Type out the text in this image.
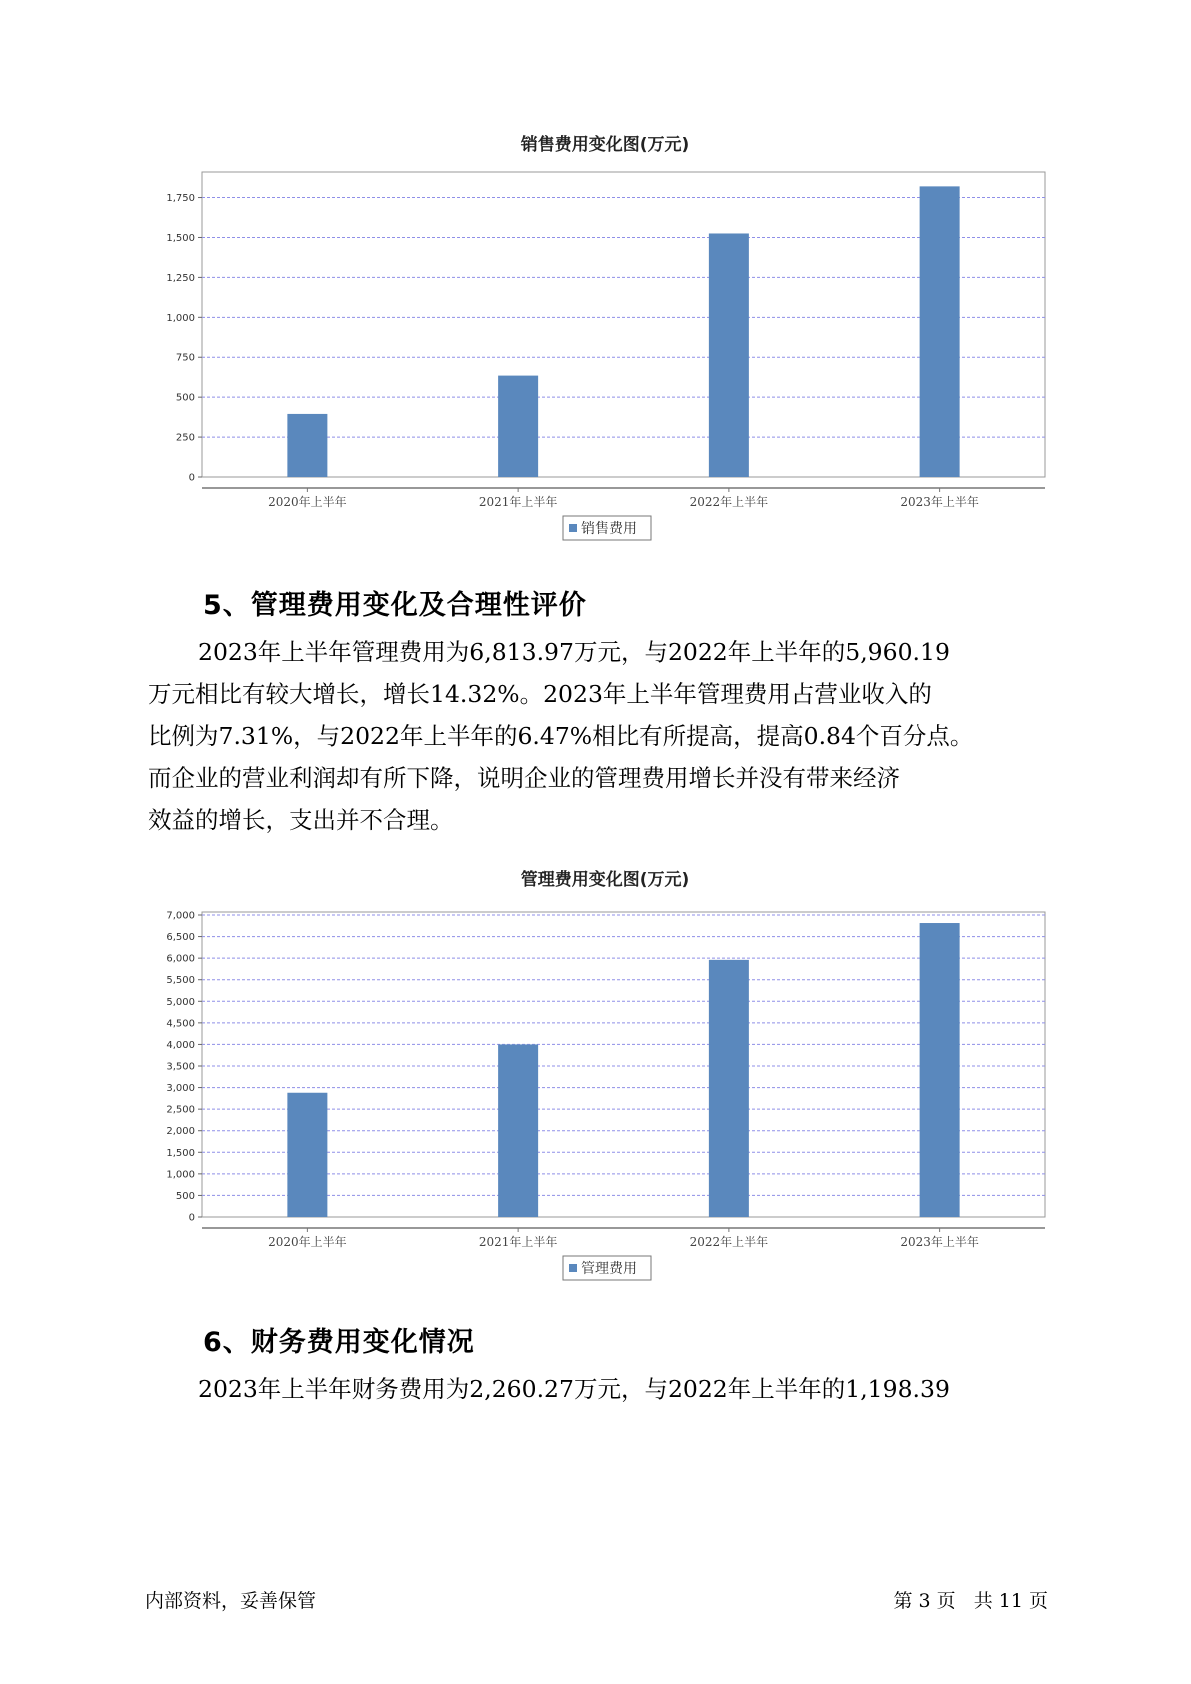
销售费用变化图(万元)
0
250
500
750
1,000
1,250
1,500
1,750
2020年上半年	2021年上半年	2022年上半年	2023年上半年
销售费用
5、管理费用变化及合理性评价

2023年上半年管理费用为6,813.97万元，与2022年上半年的5,960.19
万元相比有较大增长，增长14.32%。2023年上半年管理费用占营业收入的
比例为7.31%，与2022年上半年的6.47%相比有所提高，提高0.84个百分点。
而企业的营业利润却有所下降，说明企业的管理费用增长并没有带来经济
效益的增长，支出并不合理。

管理费用变化图(万元)
0
500
1,000
1,500
2,000
2,500
3,000
3,500
4,000
4,500
5,000
5,500
6,000
6,500
7,000
2020年上半年	2021年上半年	2022年上半年	2023年上半年
管理费用
6、财务费用变化情况

2023年上半年财务费用为2,260.27万元，与2022年上半年的1,198.39

内部资料，妥善保管	第 3 页   共 11 页
